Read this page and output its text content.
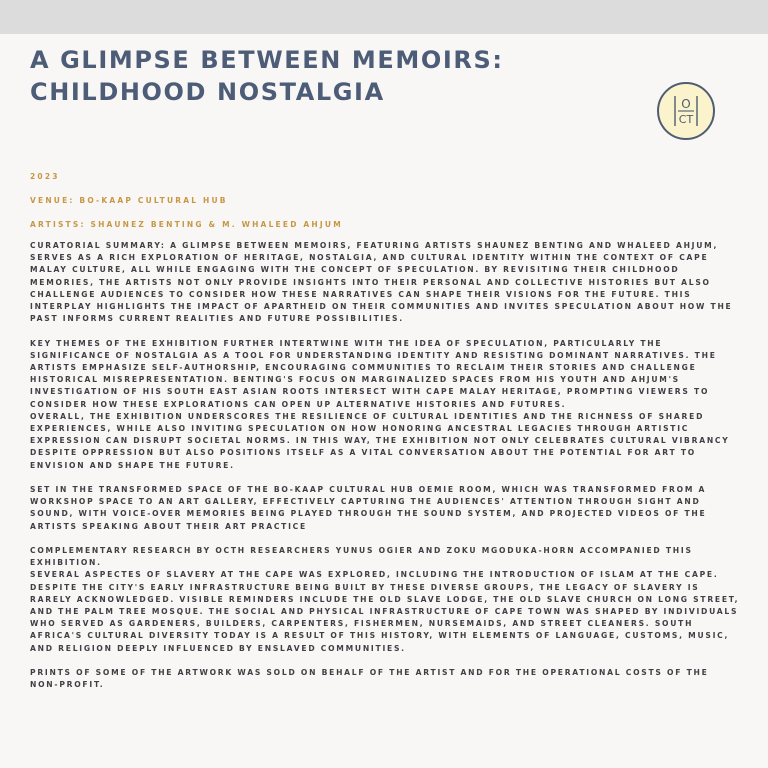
A GLIMPSE BETWEEN MEMOIRS:
CHILDHOOD NOSTALGIA	O
CT

2023

VENUE: BO-KAAP CULTURAL HUB

ARTISTS: SHAUNEZ BENTING & M. WHALEED AHJUM

CURATORIAL SUMMARY: A GLIMPSE BETWEEN MEMOIRS, FEATURING ARTISTS SHAUNEZ BENTING AND WHALEED AHJUM, SERVES AS A RICH EXPLORATION OF HERITAGE, NOSTALGIA, AND CULTURAL IDENTITY WITHIN THE CONTEXT OF CAPE MALAY CULTURE, ALL WHILE ENGAGING WITH THE CONCEPT OF SPECULATION. BY REVISITING THEIR CHILDHOOD MEMORIES, THE ARTISTS NOT ONLY PROVIDE INSIGHTS INTO THEIR PERSONAL AND COLLECTIVE HISTORIES BUT ALSO CHALLENGE AUDIENCES TO CONSIDER HOW THESE NARRATIVES CAN SHAPE THEIR VISIONS FOR THE FUTURE. THIS INTERPLAY HIGHLIGHTS THE IMPACT OF APARTHEID ON THEIR COMMUNITIES AND INVITES SPECULATION ABOUT HOW THE PAST INFORMS CURRENT REALITIES AND FUTURE POSSIBILITIES.

KEY THEMES OF THE EXHIBITION FURTHER INTERTWINE WITH THE IDEA OF SPECULATION, PARTICULARLY THE SIGNIFICANCE OF NOSTALGIA AS A TOOL FOR UNDERSTANDING IDENTITY AND RESISTING DOMINANT NARRATIVES. THE ARTISTS EMPHASIZE SELF-AUTHORSHIP, ENCOURAGING COMMUNITIES TO RECLAIM THEIR STORIES AND CHALLENGE HISTORICAL MISREPRESENTATION. BENTING'S FOCUS ON MARGINALIZED SPACES FROM HIS YOUTH AND AHJUM'S INVESTIGATION OF HIS SOUTH EAST ASIAN ROOTS INTERSECT WITH CAPE MALAY HERITAGE, PROMPTING VIEWERS TO CONSIDER HOW THESE EXPLORATIONS CAN OPEN UP ALTERNATIVE HISTORIES AND FUTURES.

OVERALL, THE EXHIBITION UNDERSCORES THE RESILIENCE OF CULTURAL IDENTITIES AND THE RICHNESS OF SHARED EXPERIENCES, WHILE ALSO INVITING SPECULATION ON HOW HONORING ANCESTRAL LEGACIES THROUGH ARTISTIC EXPRESSION CAN DISRUPT SOCIETAL NORMS. IN THIS WAY, THE EXHIBITION NOT ONLY CELEBRATES CULTURAL VIBRANCY DESPITE OPPRESSION BUT ALSO POSITIONS ITSELF AS A VITAL CONVERSATION ABOUT THE POTENTIAL FOR ART TO ENVISION AND SHAPE THE FUTURE.

SET IN THE TRANSFORMED SPACE OF THE BO-KAAP CULTURAL HUB OEMIE ROOM, WHICH WAS TRANSFORMED FROM A WORKSHOP SPACE TO AN ART GALLERY, EFFECTIVELY CAPTURING THE AUDIENCES' ATTENTION THROUGH SIGHT AND SOUND, WITH VOICE-OVER MEMORIES BEING PLAYED THROUGH THE SOUND SYSTEM, AND PROJECTED VIDEOS OF THE ARTISTS SPEAKING ABOUT THEIR ART PRACTICE

COMPLEMENTARY RESEARCH BY OCTH RESEARCHERS YUNUS OGIER AND ZOKU MGODUKA-HORN ACCOMPANIED THIS EXHIBITION.

SEVERAL ASPECTES OF SLAVERY AT THE CAPE WAS EXPLORED, INCLUDING THE INTRODUCTION OF ISLAM AT THE CAPE. DESPITE THE CITY'S EARLY INFRASTRUCTURE BEING BUILT BY THESE DIVERSE GROUPS, THE LEGACY OF SLAVERY IS RARELY ACKNOWLEDGED. VISIBLE REMINDERS INCLUDE THE OLD SLAVE LODGE, THE OLD SLAVE CHURCH ON LONG STREET, AND THE PALM TREE MOSQUE. THE SOCIAL AND PHYSICAL INFRASTRUCTURE OF CAPE TOWN WAS SHAPED BY INDIVIDUALS WHO SERVED AS GARDENERS, BUILDERS, CARPENTERS, FISHERMEN, NURSEMAIDS, AND STREET CLEANERS. SOUTH AFRICA'S CULTURAL DIVERSITY TODAY IS A RESULT OF THIS HISTORY, WITH ELEMENTS OF LANGUAGE, CUSTOMS, MUSIC, AND RELIGION DEEPLY INFLUENCED BY ENSLAVED COMMUNITIES.

PRINTS OF SOME OF THE ARTWORK WAS SOLD ON BEHALF OF THE ARTIST AND FOR THE OPERATIONAL COSTS OF THE NON-PROFIT.
